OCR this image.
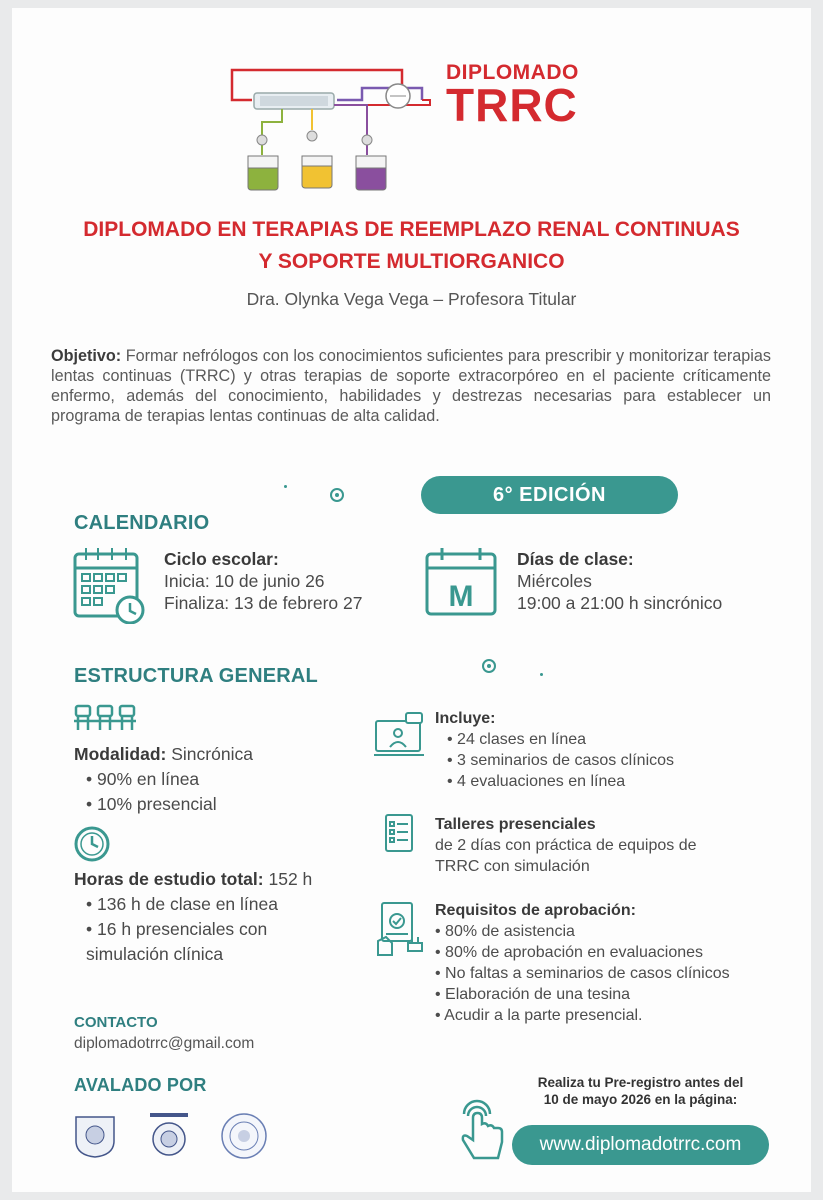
DIPLOMADO
TRRC
DIPLOMADO EN TERAPIAS DE REEMPLAZO RENAL CONTINUAS
Y SOPORTE MULTIORGANICO
Dra. Olynka Vega Vega – Profesora Titular
Objetivo: Formar nefrólogos con los conocimientos suficientes para prescribir y monitorizar terapias lentas continuas (TRRC) y otras terapias de soporte extracorpóreo en el paciente críticamente enfermo, además del conocimiento, habilidades y destrezas necesarias para establecer un programa de terapias lentas continuas de alta calidad.
6° EDICIÓN
CALENDARIO
Ciclo escolar:
Inicia: 10 de junio 26
Finaliza: 13 de febrero 27	M
Días de clase:
Miércoles
19:00 a 21:00 h sincrónico
ESTRUCTURA GENERAL
Modalidad: Sincrónica
• 90% en línea
• 10% presencial
Horas de estudio total: 152 h
• 136 h de clase en línea
• 16 h presenciales con simulación clínica
Incluye:
• 24 clases en línea
• 3 seminarios de casos clínicos
• 4 evaluaciones en línea
Talleres presenciales
de 2 días con práctica de equipos de TRRC con simulación
Requisitos de aprobación:
• 80% de asistencia
• 80% de aprobación en evaluaciones
• No faltas a seminarios de casos clínicos
• Elaboración de una tesina
• Acudir a la parte presencial.
CONTACTO
diplomadotrrc@gmail.com
AVALADO POR	Realiza tu Pre-registro antes del
10 de mayo 2026 en la página:
www.diplomadotrrc.com
